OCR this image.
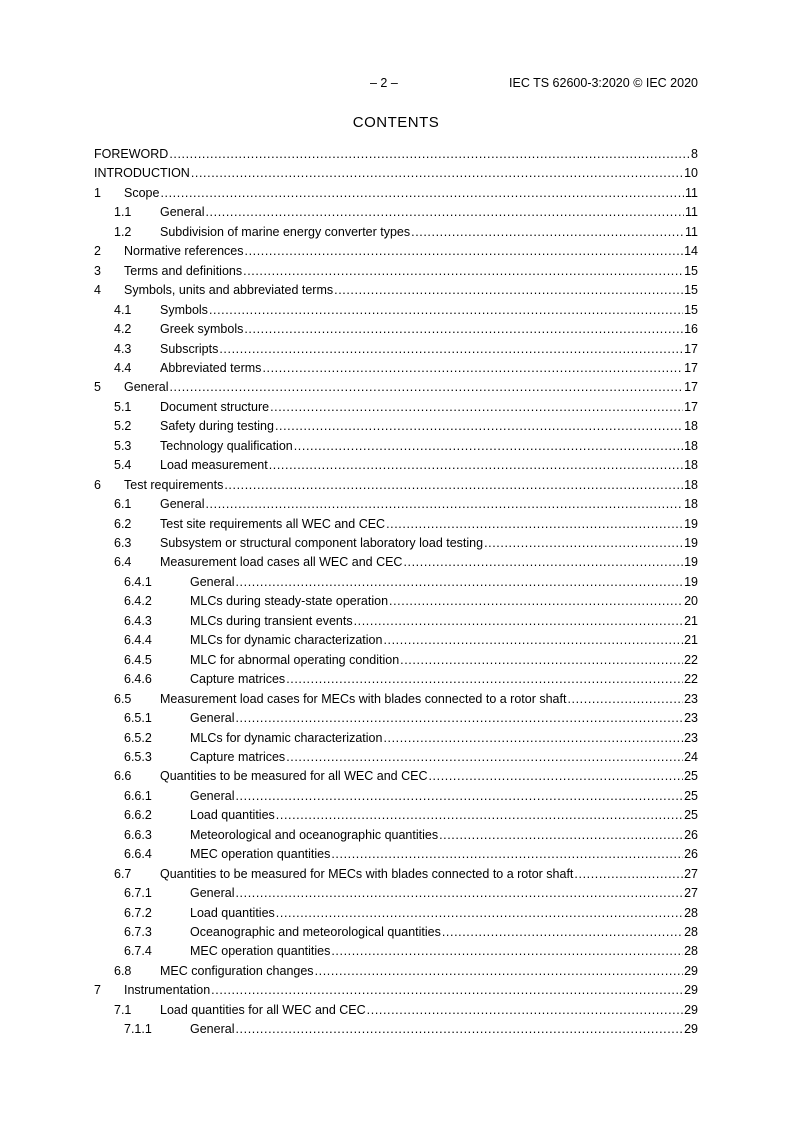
– 2 –	IEC TS 62600-3:2020 © IEC 2020
CONTENTS
FOREWORD .....	8
INTRODUCTION .....	10
1	Scope .....	11
1.1	General .....	11
1.2	Subdivision of marine energy converter types .....	11
2	Normative references .....	14
3	Terms and definitions .....	15
4	Symbols, units and abbreviated terms .....	15
4.1	Symbols .....	15
4.2	Greek symbols .....	16
4.3	Subscripts .....	17
4.4	Abbreviated terms .....	17
5	General .....	17
5.1	Document structure .....	17
5.2	Safety during testing .....	18
5.3	Technology qualification .....	18
5.4	Load measurement .....	18
6	Test requirements .....	18
6.1	General .....	18
6.2	Test site requirements all WEC and CEC .....	19
6.3	Subsystem or structural component laboratory load testing .....	19
6.4	Measurement load cases all WEC and CEC .....	19
6.4.1	General .....	19
6.4.2	MLCs during steady-state operation .....	20
6.4.3	MLCs during transient events .....	21
6.4.4	MLCs for dynamic characterization .....	21
6.4.5	MLC for abnormal operating condition .....	22
6.4.6	Capture matrices .....	22
6.5	Measurement load cases for MECs with blades connected to a rotor shaft .....	23
6.5.1	General .....	23
6.5.2	MLCs for dynamic characterization .....	23
6.5.3	Capture matrices .....	24
6.6	Quantities to be measured for all WEC and CEC .....	25
6.6.1	General .....	25
6.6.2	Load quantities .....	25
6.6.3	Meteorological and oceanographic quantities .....	26
6.6.4	MEC operation quantities .....	26
6.7	Quantities to be measured for MECs with blades connected to a rotor shaft .....	27
6.7.1	General .....	27
6.7.2	Load quantities .....	28
6.7.3	Oceanographic and meteorological quantities .....	28
6.7.4	MEC operation quantities .....	28
6.8	MEC configuration changes .....	29
7	Instrumentation .....	29
7.1	Load quantities for all WEC and CEC .....	29
7.1.1	General .....	29
